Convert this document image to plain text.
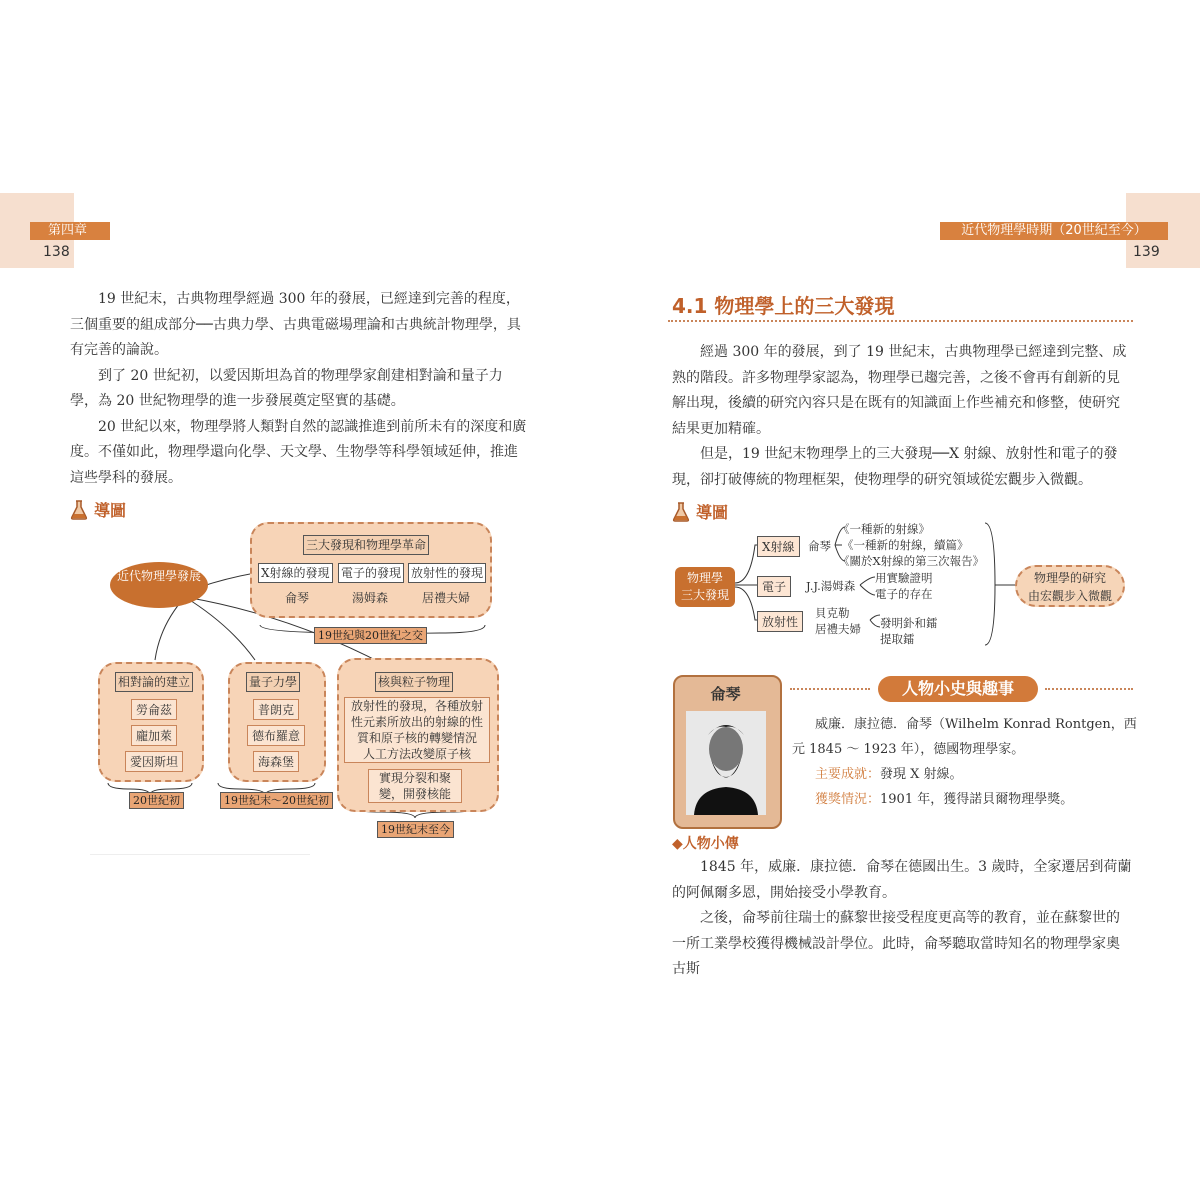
第四章
138
近代物理學時期（20世紀至今）
139

19 世紀末，古典物理學經過 300 年的發展，已經達到完善的程度，三個重要的組成部分──古典力學、古典電磁場理論和古典統計物理學，具有完善的論說。

到了 20 世紀初，以愛因斯坦為首的物理學家創建相對論和量子力學，為 20 世紀物理學的進一步發展奠定堅實的基礎。

20 世紀以來，物理學將人類對自然的認識推進到前所未有的深度和廣度。不僅如此，物理學還向化學、天文學、生物學等科學領域延伸，推進這些學科的發展。

導圖
近代物理學發展
三大發現和物理學革命
X射線的發現 電子的發現 放射性的發現
侖琴	湯姆森	居禮夫婦
19世紀與20世紀之交
相對論的建立
勞侖茲
龐加萊
愛因斯坦
20世紀初
量子力學
普朗克
德布羅意
海森堡
19世紀末～20世紀初
核與粒子物理
放射性的發現，各種放射
性元素所放出的射線的性
質和原子核的轉變情況
人工方法改變原子核
實現分裂和聚
變，開發核能
19世紀末至今
4.1 物理學上的三大發現

經過 300 年的發展，到了 19 世紀末，古典物理學已經達到完整、成熟的階段。許多物理學家認為，物理學已趨完善，之後不會再有創新的見解出現，後續的研究內容只是在既有的知識面上作些補充和修整，使研究結果更加精確。

但是，19 世紀末物理學上的三大發現──X 射線、放射性和電子的發現，卻打破傳統的物理框架，使物理學的研究領域從宏觀步入微觀。

導圖
物理學
三大發現
X射線	侖琴
《一種新的射線》
《一種新的射線，續篇》
《關於X射線的第三次報告》
電子	J.J.湯姆森
用實驗證明
電子的存在
放射性
貝克勒
居禮夫婦 發明釙和鐳
提取鐳
物理學的研究
由宏觀步入微觀
侖琴	人物小史與趣事
威廉．康拉德．侖琴（Wilhelm Konrad Rontgen，西
元 1845 ～ 1923 年），德國物理學家。
主要成就：發現 X 射線。
獲獎情況：1901 年，獲得諾貝爾物理學獎。
◆人物小傳

1845 年，威廉．康拉德．侖琴在德國出生。3 歲時，全家遷居到荷蘭的阿佩爾多恩，開始接受小學教育。

之後，侖琴前往瑞士的蘇黎世接受程度更高等的教育，並在蘇黎世的一所工業學校獲得機械設計學位。此時，侖琴聽取當時知名的物理學家奧古斯
